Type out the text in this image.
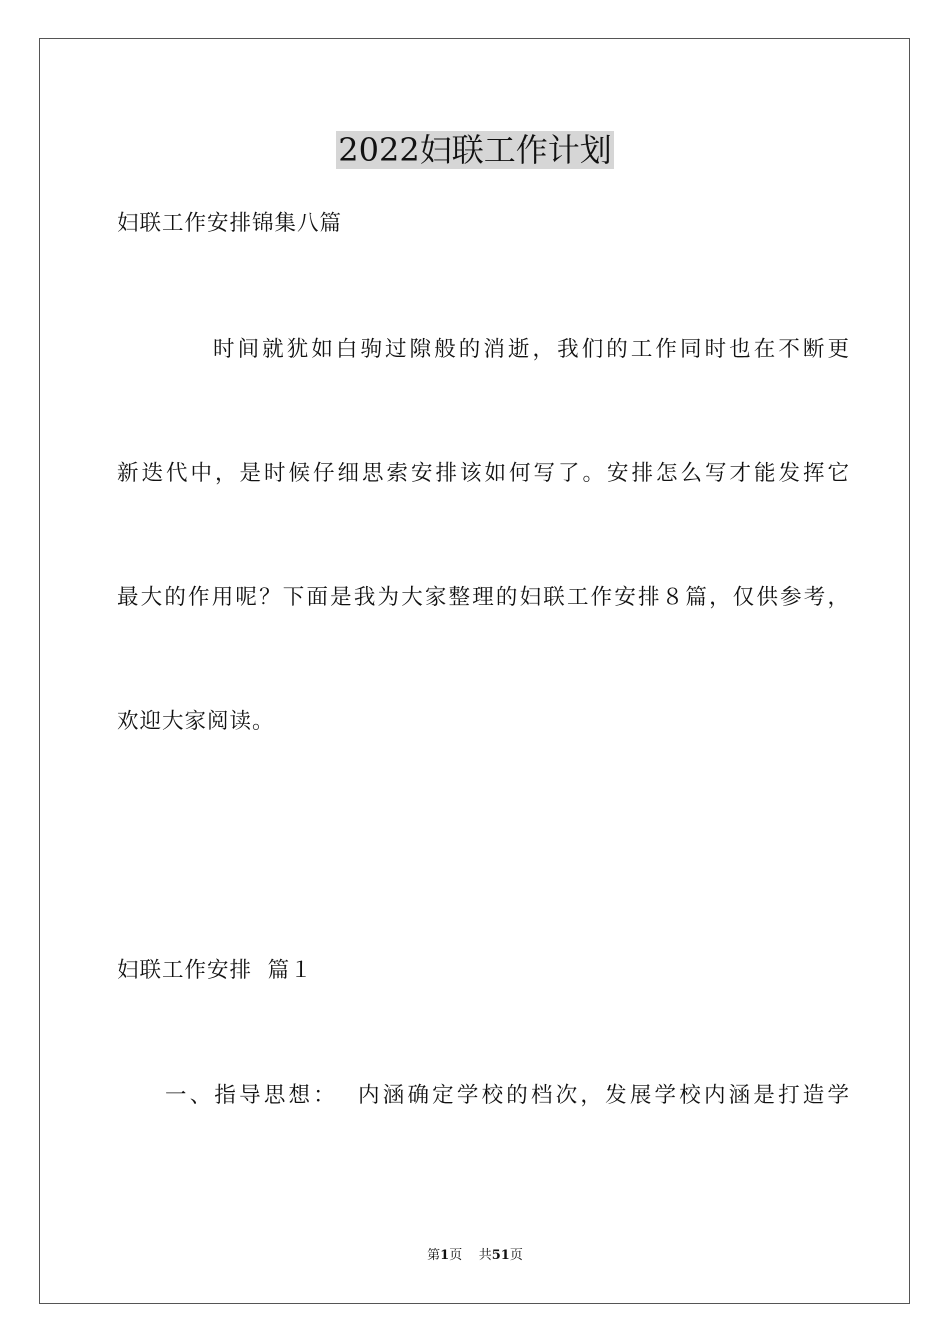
2022妇联工作计划
妇联工作安排锦集八篇
时间就犹如白驹过隙般的消逝，我们的工作同时也在不断更
新迭代中，是时候仔细思索安排该如何写了。安排怎么写才能发挥它
最大的作用呢？下面是我为大家整理的妇联工作安排８篇，仅供参考，
欢迎大家阅读。
妇联工作安排  篇１
一、指导思想：  内涵确定学校的档次，发展学校内涵是打造学
第1页    共51页
